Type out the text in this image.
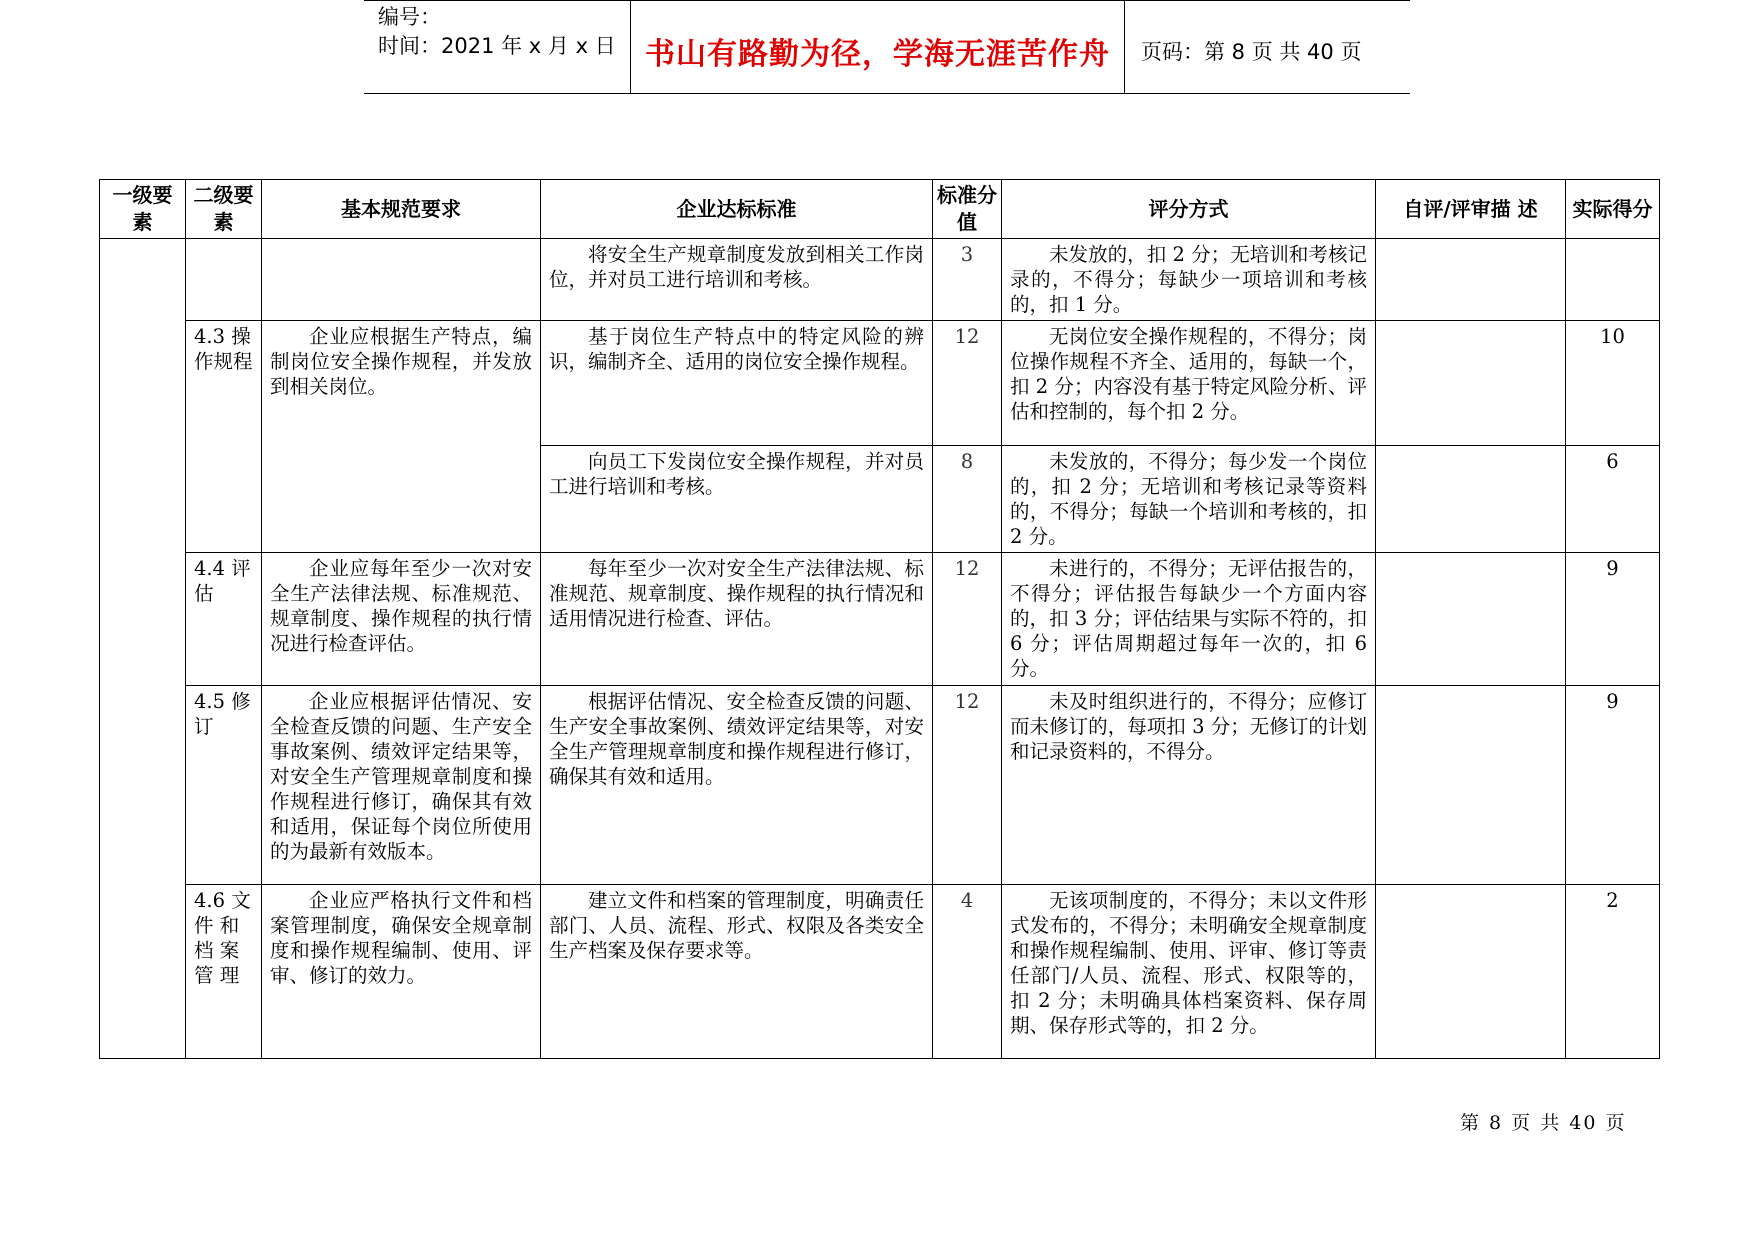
编号：
时间：2021 年 x 月 x 日 书山有路勤为径，学海无涯苦作舟	页码：第 8 页 共 40 页
一级要素	二级要素	基本规范要求	企业达标标准	标准分值	评分方式	自评/评审描 述	实际得分
			将安全生产规章制度发放到相关工作岗位，并对员工进行培训和考核。	3	未发放的，扣 2 分；无培训和考核记录的，不得分；每缺少一项培训和考核的，扣 1 分。		
	4.3 操 作规程	企业应根据生产特点，编制岗位安全操作规程，并发放到相关岗位。	基于岗位生产特点中的特定风险的辨识，编制齐全、适用的岗位安全操作规程。	12	无岗位安全操作规程的，不得分；岗位操作规程不齐全、适用的，每缺一个，扣 2 分；内容没有基于特定风险分析、评估和控制的，每个扣 2 分。		10
			向员工下发岗位安全操作规程，并对员工进行培训和考核。	8	未发放的，不得分；每少发一个岗位的，扣 2 分；无培训和考核记录等资料的，不得分；每缺一个培训和考核的，扣 2 分。		6
	4.4 评估	企业应每年至少一次对安全生产法律法规、标准规范、规章制度、操作规程的执行情况进行检查评估。	每年至少一次对安全生产法律法规、标准规范、规章制度、操作规程的执行情况和适用情况进行检查、评估。	12	未进行的，不得分；无评估报告的，不得分；评估报告每缺少一个方面内容的，扣 3 分；评估结果与实际不符的，扣 6 分；评估周期超过每年一次的，扣 6 分。		9
	4.5 修订	企业应根据评估情况、安全检查反馈的问题、生产安全事故案例、绩效评定结果等，对安全生产管理规章制度和操作规程进行修订，确保其有效和适用，保证每个岗位所使用的为最新有效版本。	根据评估情况、安全检查反馈的问题、生产安全事故案例、绩效评定结果等，对安全生产管理规章制度和操作规程进行修订，确保其有效和适用。	12	未及时组织进行的，不得分；应修订而未修订的，每项扣 3 分；无修订的计划和记录资料的，不得分。		9
	4.6 文 件 和 档 案 管 理	企业应严格执行文件和档案管理制度，确保安全规章制度和操作规程编制、使用、评审、修订的效力。	建立文件和档案的管理制度，明确责任部门、人员、流程、形式、权限及各类安全生产档案及保存要求等。	4	无该项制度的，不得分；未以文件形式发布的，不得分；未明确安全规章制度和操作规程编制、使用、评审、修订等责任部门/人员、流程、形式、权限等的，扣 2 分；未明确具体档案资料、保存周期、保存形式等的，扣 2 分。		2
第 8 页 共 40 页
